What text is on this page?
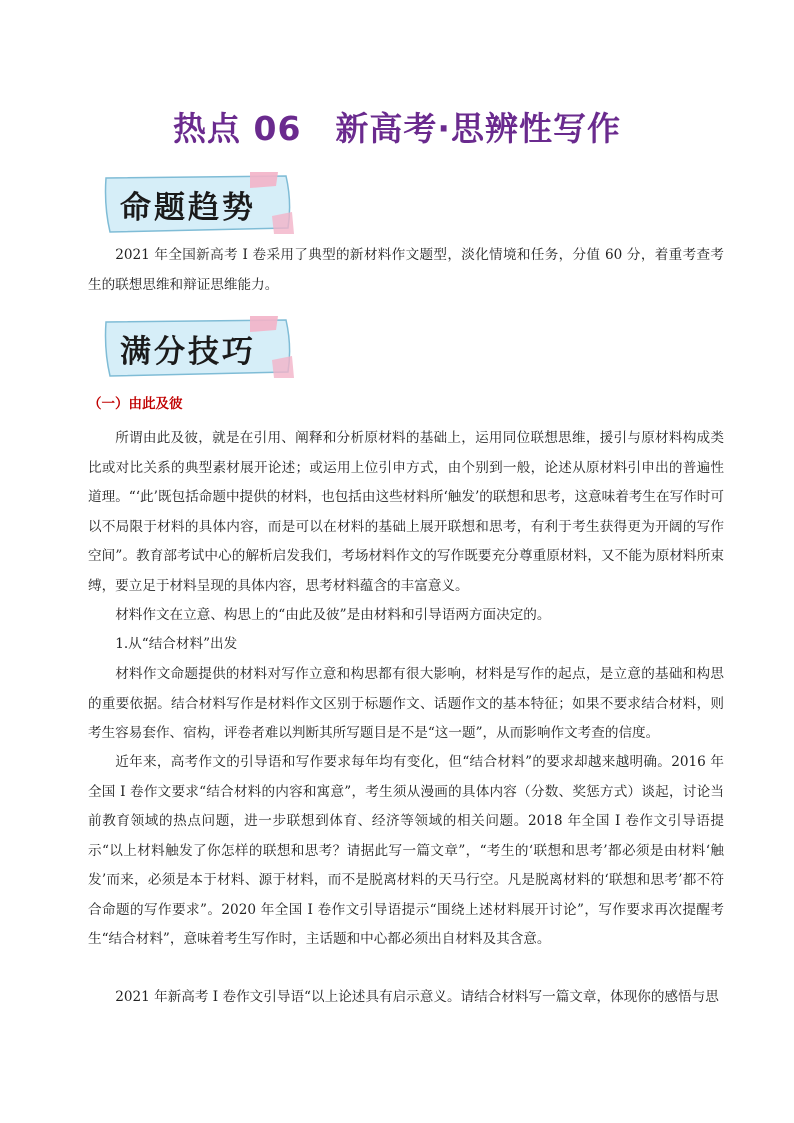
热点 06　新高考·思辨性写作
命题趋势
2021 年全国新高考 I 卷采用了典型的新材料作文题型，淡化情境和任务，分值 60 分，着重考查考生的联想思维和辩证思维能力。
满分技巧
（一）由此及彼
所谓由此及彼，就是在引用、阐释和分析原材料的基础上，运用同位联想思维，援引与原材料构成类比或对比关系的典型素材展开论述；或运用上位引申方式，由个别到一般，论述从原材料引申出的普遍性道理。“‘此’既包括命题中提供的材料，也包括由这些材料所‘触发’的联想和思考，这意味着考生在写作时可以不局限于材料的具体内容，而是可以在材料的基础上展开联想和思考，有利于考生获得更为开阔的写作空间”。教育部考试中心的解析启发我们，考场材料作文的写作既要充分尊重原材料，又不能为原材料所束缚，要立足于材料呈现的具体内容，思考材料蕴含的丰富意义。
材料作文在立意、构思上的“由此及彼”是由材料和引导语两方面决定的。
1.从“结合材料”出发
材料作文命题提供的材料对写作立意和构思都有很大影响，材料是写作的起点，是立意的基础和构思的重要依据。结合材料写作是材料作文区别于标题作文、话题作文的基本特征；如果不要求结合材料，则考生容易套作、宿构，评卷者难以判断其所写题目是不是“这一题”，从而影响作文考查的信度。
近年来，高考作文的引导语和写作要求每年均有变化，但“结合材料”的要求却越来越明确。2016 年全国 I 卷作文要求“结合材料的内容和寓意”，考生须从漫画的具体内容（分数、奖惩方式）谈起，讨论当前教育领域的热点问题，进一步联想到体育、经济等领域的相关问题。2018 年全国 I 卷作文引导语提示“以上材料触发了你怎样的联想和思考？请据此写一篇文章”，“考生的‘联想和思考’都必须是由材料‘触发’而来，必须是本于材料、源于材料，而不是脱离材料的天马行空。凡是脱离材料的‘联想和思考’都不符合命题的写作要求”。2020 年全国 I 卷作文引导语提示“围绕上述材料展开讨论”，写作要求再次提醒考生“结合材料”，意味着考生写作时，主话题和中心都必须出自材料及其含意。
2021 年新高考 I 卷作文引导语“以上论述具有启示意义。请结合材料写一篇文章，体现你的感悟与思
